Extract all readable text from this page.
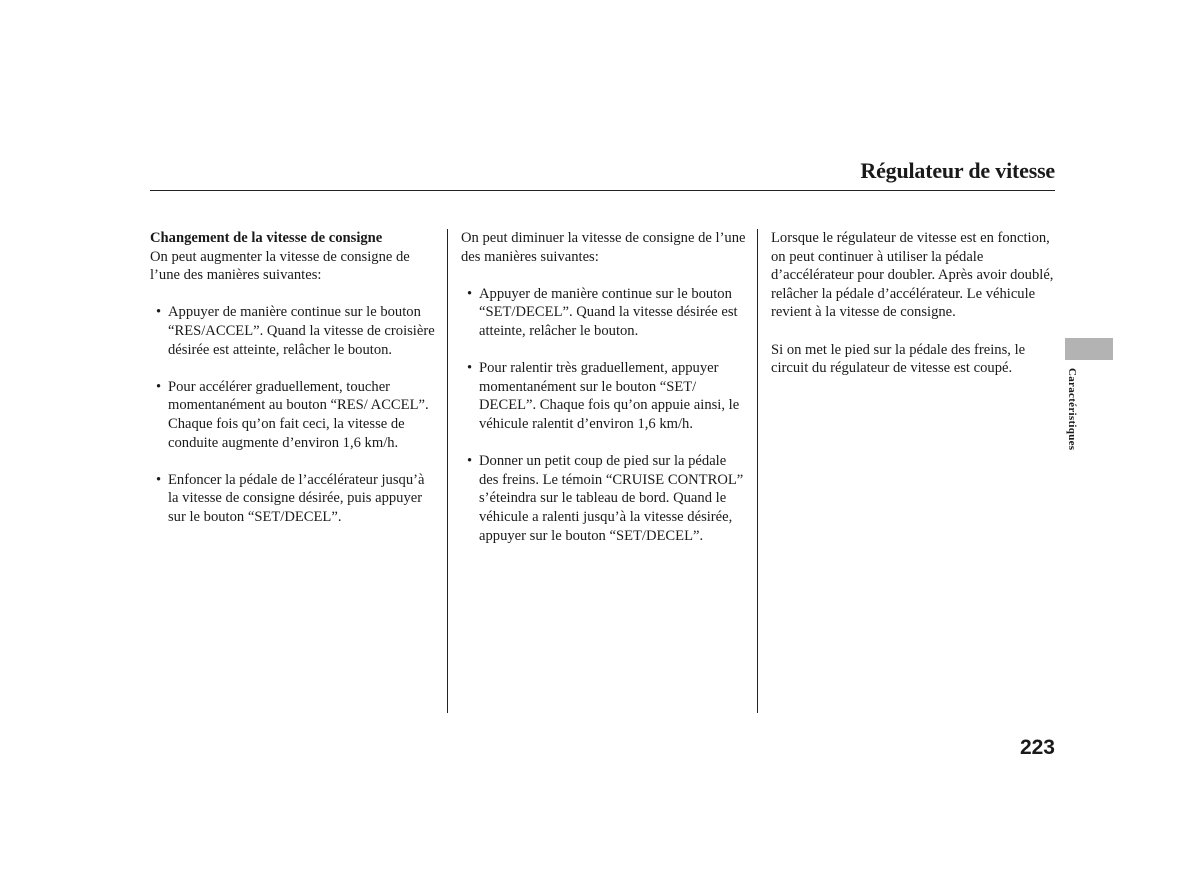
Régulateur de vitesse
Changement de la vitesse de consigne

On peut augmenter la vitesse de consigne de l’une des manières suivantes:

• Appuyer de manière continue sur le bouton “RES/ACCEL”. Quand la vitesse de croisière désirée est atteinte, relâcher le bouton.
• Pour accélérer graduellement, toucher momentanément au bouton “RES/ ACCEL”. Chaque fois qu’on fait ceci, la vitesse de conduite augmente d’environ 1,6 km/h.
• Enfoncer la pédale de l’accélérateur jusqu’à la vitesse de consigne désirée, puis appuyer sur le bouton “SET/DECEL”.

On peut diminuer la vitesse de consigne de l’une des manières suivantes:

• Appuyer de manière continue sur le bouton “SET/DECEL”. Quand la vitesse désirée est atteinte, relâcher le bouton.
• Pour ralentir très graduellement, appuyer momentanément sur le bouton “SET/ DECEL”. Chaque fois qu’on appuie ainsi, le véhicule ralentit d’environ 1,6 km/h.
• Donner un petit coup de pied sur la pédale des freins. Le témoin “CRUISE CONTROL” s’éteindra sur le tableau de bord. Quand le véhicule a ralenti jusqu’à la vitesse désirée, appuyer sur le bouton “SET/DECEL”.

Lorsque le régulateur de vitesse est en fonction, on peut continuer à utiliser la pédale d’accélérateur pour doubler. Après avoir doublé, relâcher la pédale d’accélérateur. Le véhicule revient à la vitesse de consigne.

Si on met le pied sur la pédale des freins, le circuit du régulateur de vitesse est coupé.	Caractéristiques
223
